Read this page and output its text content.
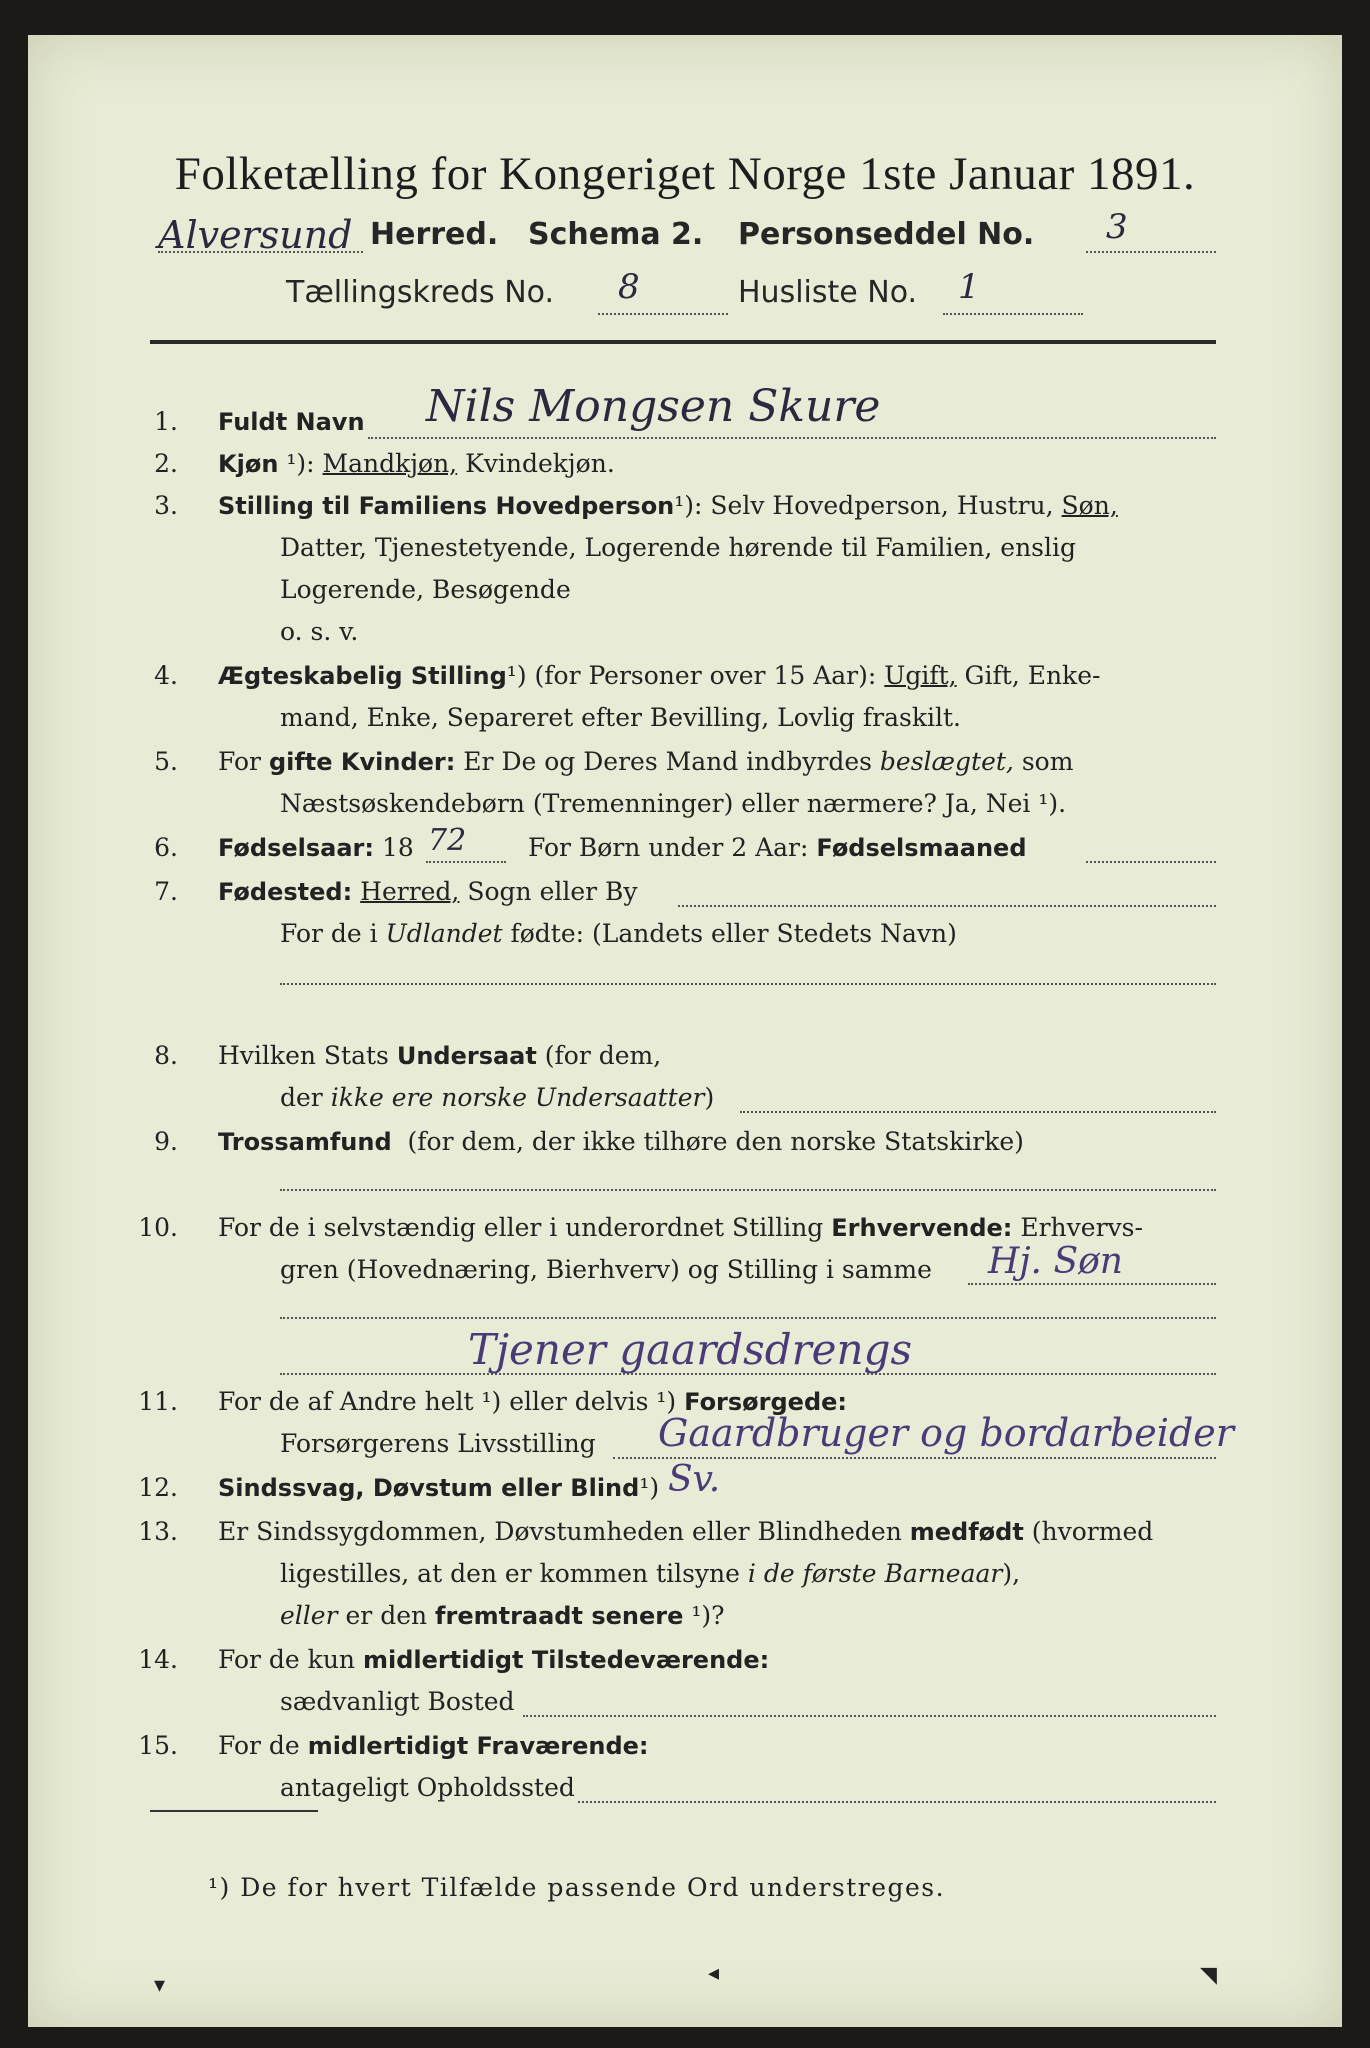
Folketælling for Kongeriget Norge 1ste Januar 1891.
Alversund Herred. Schema 2. Personseddel No. 3
Tællingskreds No. 8	Husliste No. 1
1. Fuldt Navn Nils Mongsen Skure
2. Kjøn ¹): Mandkjøn, Kvindekjøn.
3. Stilling til Familiens Hovedperson¹): Selv Hovedperson, Hustru, Søn,
Datter, Tjenestetyende, Logerende hørende til Familien, enslig
Logerende, Besøgende
o. s. v.
4. Ægteskabelig Stilling¹) (for Personer over 15 Aar): Ugift, Gift, Enke-
mand, Enke, Separeret efter Bevilling, Lovlig fraskilt.
5. For gifte Kvinder: Er De og Deres Mand indbyrdes beslægtet, som
Næstsøskendebørn (Tremenninger) eller nærmere? Ja, Nei ¹).
6. Fødselsaar: 18 72 For Børn under 2 Aar: Fødselsmaaned
7. Fødested: Herred, Sogn eller By
For de i Udlandet fødte: (Landets eller Stedets Navn)
8. Hvilken Stats Undersaat (for dem,
der ikke ere norske Undersaatter)
9. Trossamfund (for dem, der ikke tilhøre den norske Statskirke)
10. For de i selvstændig eller i underordnet Stilling Erhvervende: Erhvervs-
gren (Hovednæring, Bierhverv) og Stilling i samme Hj. Søn
Tjener gaardsdrengs
11. For de af Andre helt ¹) eller delvis ¹) Forsørgede:
Forsørgerens Livsstilling Gaardbruger og bordarbeider
12. Sindssvag, Døvstum eller Blind¹) Sv.
13. Er Sindssygdommen, Døvstumheden eller Blindheden medfødt (hvormed
ligestilles, at den er kommen tilsyne i de første Barneaar),
eller er den fremtraadt senere ¹)?
14. For de kun midlertidigt Tilstedeværende:
sædvanligt Bosted
15. For de midlertidigt Fraværende:
antageligt Opholdssted
¹) De for hvert Tilfælde passende Ord understreges.
▾	◂	◥
